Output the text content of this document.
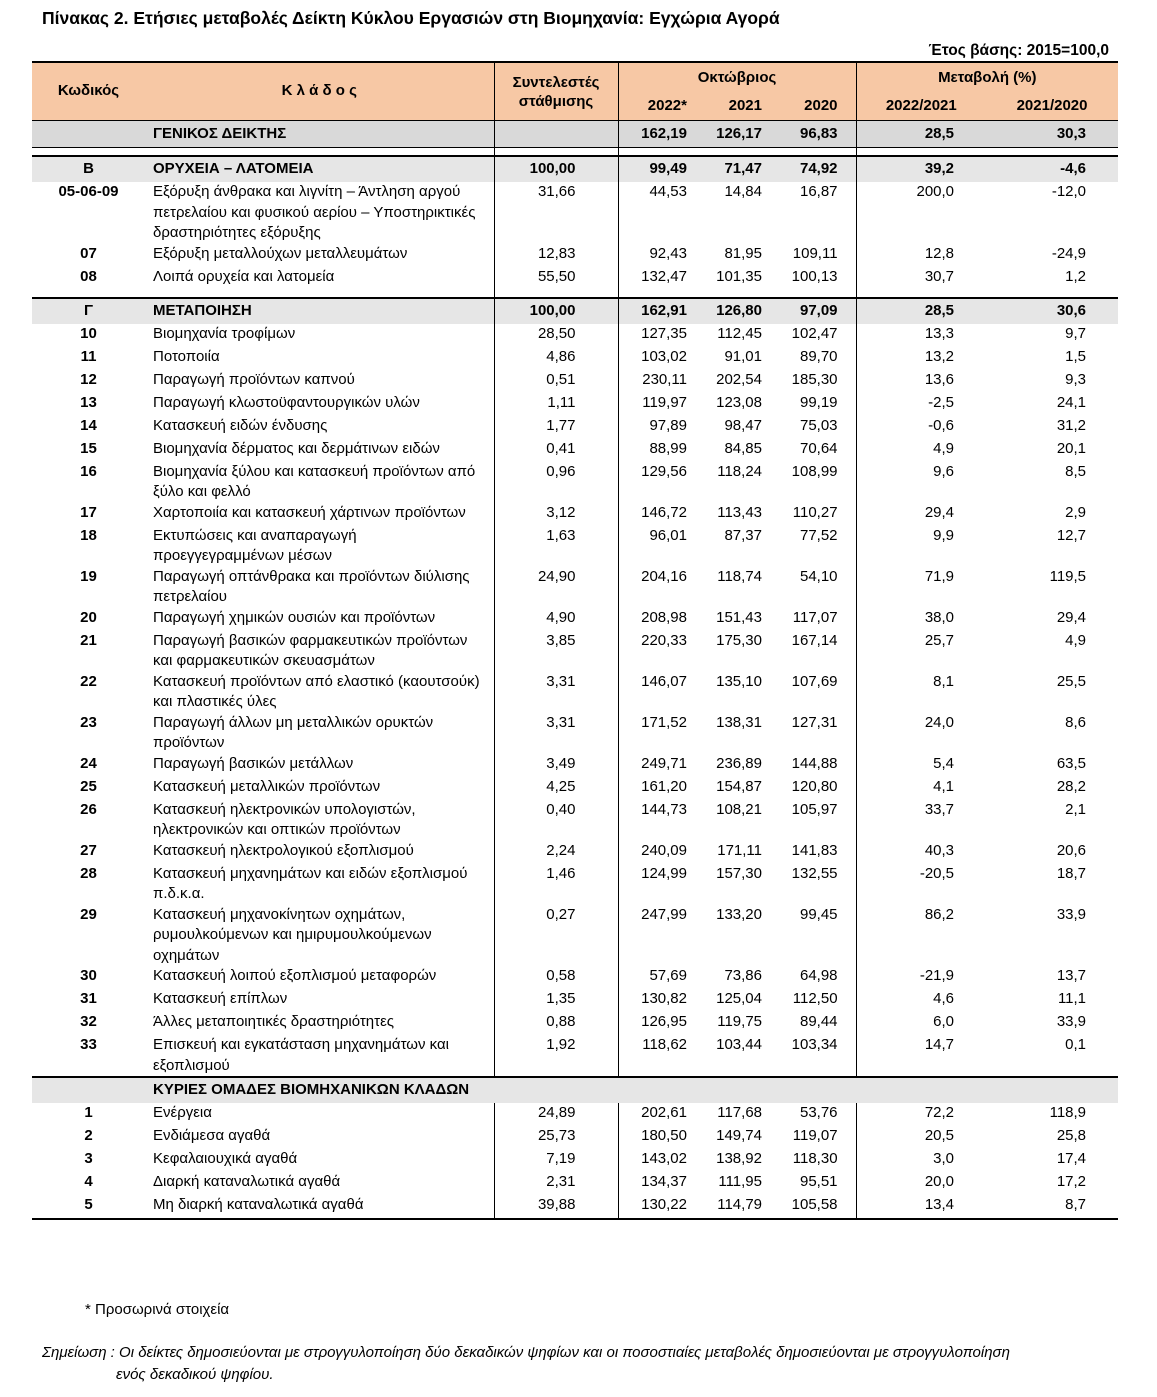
Πίνακας 2. Ετήσιες μεταβολές Δείκτη Κύκλου Εργασιών στη Βιομηχανία: Εγχώρια Αγορά
Έτος βάσης: 2015=100,0
Κωδικός	Κ λ ά δ ο ς	Συντελεστές στάθμισης	Οκτώβριος			Μεταβολή (%)	
			2022*	2021	2020	2022/2021	2021/2020
	ΓΕΝΙΚΟΣ ΔΕΙΚΤΗΣ		162,19	126,17	96,83	28,5	30,3

Β	ΟΡΥΧΕΙΑ – ΛΑΤΟΜΕΙΑ	100,00	99,49	71,47	74,92	39,2	-4,6
05-06-09	Εξόρυξη άνθρακα και λιγνίτη – Άντληση αργού πετρελαίου και φυσικού αερίου – Υποστηρικτικές δραστηριότητες εξόρυξης	31,66	44,53	14,84	16,87	200,0	-12,0
07	Εξόρυξη μεταλλούχων μεταλλευμάτων	12,83	92,43	81,95	109,11	12,8	-24,9
08	Λοιπά ορυχεία και λατομεία	55,50	132,47	101,35	100,13	30,7	1,2

Γ	ΜΕΤΑΠΟΙΗΣΗ	100,00	162,91	126,80	97,09	28,5	30,6
10	Βιομηχανία τροφίμων	28,50	127,35	112,45	102,47	13,3	9,7
11	Ποτοποιία	4,86	103,02	91,01	89,70	13,2	1,5
12	Παραγωγή προϊόντων καπνού	0,51	230,11	202,54	185,30	13,6	9,3
13	Παραγωγή κλωστοϋφαντουργικών υλών	1,11	119,97	123,08	99,19	-2,5	24,1
14	Κατασκευή ειδών ένδυσης	1,77	97,89	98,47	75,03	-0,6	31,2
15	Βιομηχανία δέρματος και δερμάτινων ειδών	0,41	88,99	84,85	70,64	4,9	20,1
16	Βιομηχανία ξύλου και κατασκευή προϊόντων από ξύλο και φελλό	0,96	129,56	118,24	108,99	9,6	8,5
17	Χαρτοποιία και κατασκευή χάρτινων προϊόντων	3,12	146,72	113,43	110,27	29,4	2,9
18	Εκτυπώσεις και αναπαραγωγή προεγγεγραμμένων μέσων	1,63	96,01	87,37	77,52	9,9	12,7
19	Παραγωγή οπτάνθρακα και προϊόντων διύλισης πετρελαίου	24,90	204,16	118,74	54,10	71,9	119,5
20	Παραγωγή χημικών ουσιών και προϊόντων	4,90	208,98	151,43	117,07	38,0	29,4
21	Παραγωγή βασικών φαρμακευτικών προϊόντων και φαρμακευτικών σκευασμάτων	3,85	220,33	175,30	167,14	25,7	4,9
22	Κατασκευή προϊόντων από ελαστικό (καουτσούκ) και πλαστικές ύλες	3,31	146,07	135,10	107,69	8,1	25,5
23	Παραγωγή άλλων μη μεταλλικών ορυκτών προϊόντων	3,31	171,52	138,31	127,31	24,0	8,6
24	Παραγωγή βασικών μετάλλων	3,49	249,71	236,89	144,88	5,4	63,5
25	Κατασκευή μεταλλικών προϊόντων	4,25	161,20	154,87	120,80	4,1	28,2
26	Κατασκευή ηλεκτρονικών υπολογιστών, ηλεκτρονικών και οπτικών προϊόντων	0,40	144,73	108,21	105,97	33,7	2,1
27	Κατασκευή ηλεκτρολογικού εξοπλισμού	2,24	240,09	171,11	141,83	40,3	20,6
28	Κατασκευή μηχανημάτων και ειδών εξοπλισμού π.δ.κ.α.	1,46	124,99	157,30	132,55	-20,5	18,7
29	Κατασκευή μηχανοκίνητων οχημάτων, ρυμουλκούμενων και ημιρυμουλκούμενων οχημάτων	0,27	247,99	133,20	99,45	86,2	33,9
30	Κατασκευή λοιπού εξοπλισμού μεταφορών	0,58	57,69	73,86	64,98	-21,9	13,7
31	Κατασκευή επίπλων	1,35	130,82	125,04	112,50	4,6	11,1
32	Άλλες μεταποιητικές δραστηριότητες	0,88	126,95	119,75	89,44	6,0	33,9
33	Επισκευή και εγκατάσταση μηχανημάτων και εξοπλισμού	1,92	118,62	103,44	103,34	14,7	0,1
	ΚΥΡΙΕΣ ΟΜΑΔΕΣ ΒΙΟΜΗΧΑΝΙΚΩΝ ΚΛΑΔΩΝ						
1	Ενέργεια	24,89	202,61	117,68	53,76	72,2	118,9
2	Ενδιάμεσα αγαθά	25,73	180,50	149,74	119,07	20,5	25,8
3	Κεφαλαιουχικά αγαθά	7,19	143,02	138,92	118,30	3,0	17,4
4	Διαρκή καταναλωτικά αγαθά	2,31	134,37	111,95	95,51	20,0	17,2
5	Μη διαρκή καταναλωτικά αγαθά	39,88	130,22	114,79	105,58	13,4	8,7
* Προσωρινά στοιχεία
Σημείωση : Οι δείκτες δημοσιεύονται με στρογγυλοποίηση δύο δεκαδικών ψηφίων και οι ποσοστιαίες μεταβολές δημοσιεύονται με στρογγυλοποίηση
ενός δεκαδικού ψηφίου.
